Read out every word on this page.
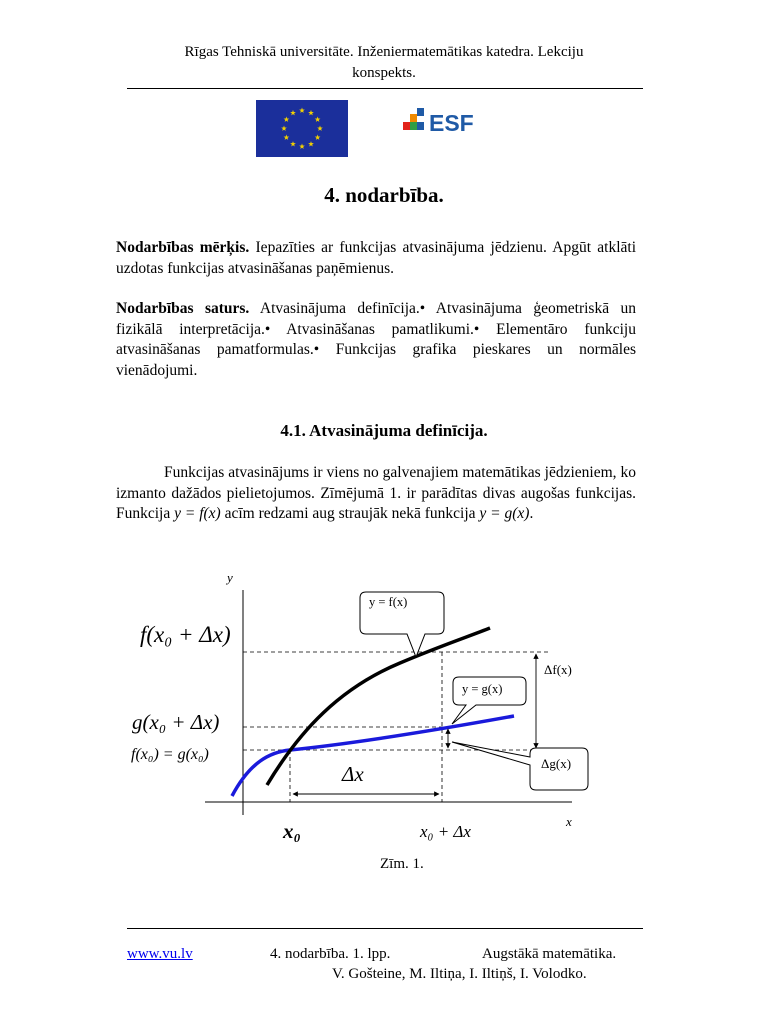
Rīgas Tehniskā universitāte. Inženiermatemātikas katedra. Lekciju
konspekts.
ESF
4. nodarbība.
Nodarbības mērķis. Iepazīties ar funkcijas atvasinājuma jēdzienu. Apgūt atklāti uzdotas funkcijas atvasināšanas paņēmienus.
Nodarbības saturs. Atvasinājuma definīcija.• Atvasinājuma ģeometriskā un fizikālā interpretācija.• Atvasināšanas pamatlikumi.• Elementāro funkciju atvasināšanas pamatformulas.• Funkcijas grafika pieskares un normāles vienādojumi.
4.1. Atvasinājuma definīcija.
Funkcijas atvasinājums ir viens no galvenajiem matemātikas jēdzieniem, ko izmanto dažādos pielietojumos. Zīmējumā 1. ir parādītas divas augošas funkcijas. Funkcija y = f(x) acīm redzami aug straujāk nekā funkcija y = g(x).
y
x
Δx
Δf(x)
y = f(x)
y = g(x)
Δg(x)
f(x₀ + Δx)
g(x₀ + Δx)
f(x₀) = g(x₀)
x₀	x₀ + Δx
Zīm. 1.
www.vu.lv	4. nodarbība. 1. lpp.	Augstākā matemātika.
V. Gošteine, M. Iltiņa, I. Iltiņš, I. Volodko.
